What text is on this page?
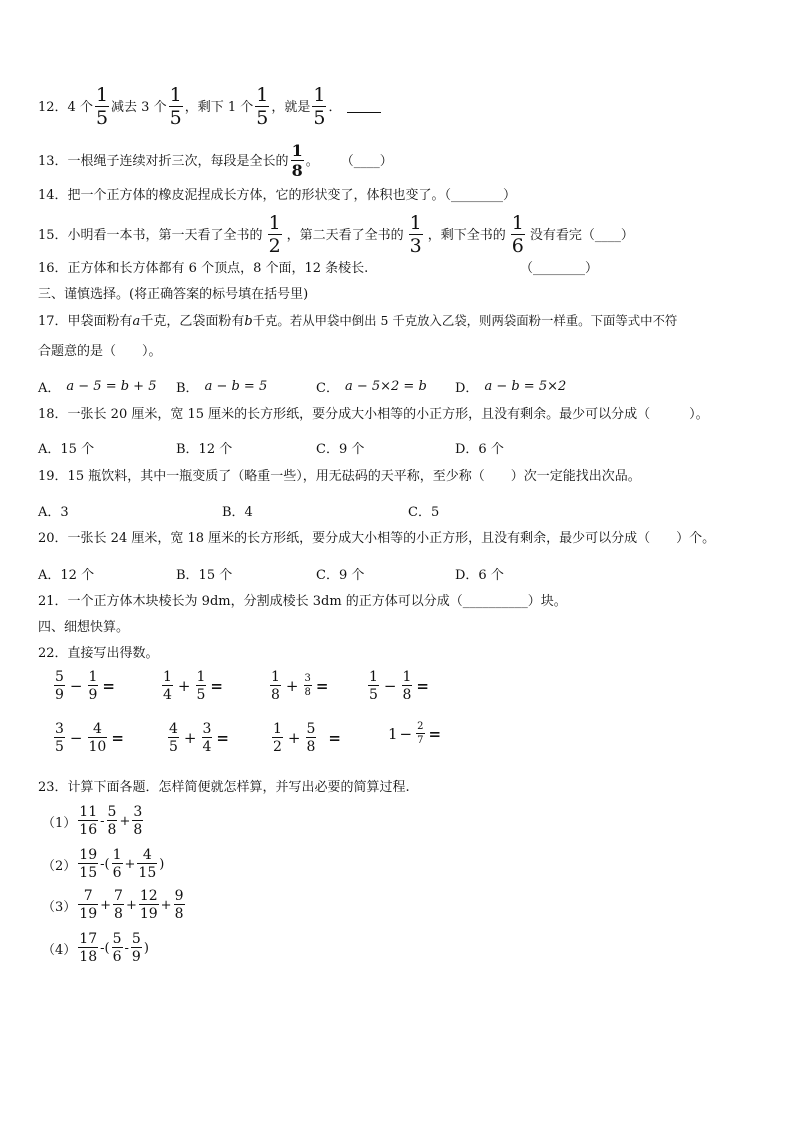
12． 4 个 $\frac{1}{5}$ 减去 3 个 $\frac{1}{5}$ ，剩下 1 个 $\frac{1}{5}$ ，就是 $\frac{1}{5}$ ．
13． 一根绳子连续对折三次，每段是全长的 $\frac{1}{8}$ 。 （____）
14．把一个正方体的橡皮泥捏成长方体，它的形状变了，体积也变了。（________）
15． 小明看一本书，第一天看了全书的 $\frac{1}{2}$ ，第二天看了全书的 $\frac{1}{3}$ ，剩下全书的 $\frac{1}{6}$ 没有看完（____）
16．正方体和长方体都有 6 个顶点，8 个面，12 条棱长.	（________）
三、谨慎选择。(将正确答案的标号填在括号里)
17．甲袋面粉有 a 千克，乙袋面粉有 b 千克。若从甲袋中倒出 5 千克放入乙袋，则两袋面粉一样重。下面等式中不符
合题意的是（　　）。
A． a − 5 = b + 5 B． a − b = 5	C． a − 5×2 = b D． a − b = 5×2
18．一张长 20 厘米，宽 15 厘米的长方形纸，要分成大小相等的小正方形，且没有剩余。最少可以分成（　　　）。
A．15 个	B．12 个	C．9 个	D．6 个
19．15 瓶饮料，其中一瓶变质了（略重一些），用无砝码的天平称，至少称（　　）次一定能找出次品。
A．3	B．4	C．5
20．一张长 24 厘米，宽 18 厘米的长方形纸，要分成大小相等的小正方形，且没有剩余，最少可以分成（　　）个。
A．12 个	B．15 个	C．9 个	D．6 个
21．一个正方体木块棱长为 9dm，分割成棱长 3dm 的正方体可以分成（__________）块。
四、细想快算。
22．直接写出得数。
$\frac{5}{9} - \frac{1}{9}$ =	$\frac{1}{4} + \frac{1}{5}$ =	$\frac{1}{8} + \frac{3}{8}$ =	$\frac{1}{5} - \frac{1}{8}$ =
$\frac{3}{5} - \frac{4}{10}$ =	$\frac{4}{5} + \frac{3}{4}$ =	$\frac{1}{2} + \frac{5}{8}$ =	$1 - \frac{2}{7}$ =
23．计算下面各题．怎样简便就怎样算，并写出必要的简算过程.
$(1) \frac{11}{16} - \frac{5}{8} + \frac{3}{8}$
$(2) \frac{19}{15}$ -( $\frac{1}{6} + \frac{4}{15}$ )
$(3) \frac{7}{19} + \frac{7}{8} + \frac{12}{19} + \frac{9}{8}$
$(4) \frac{17}{18}$ -( $\frac{5}{6} - \frac{5}{9}$ )
